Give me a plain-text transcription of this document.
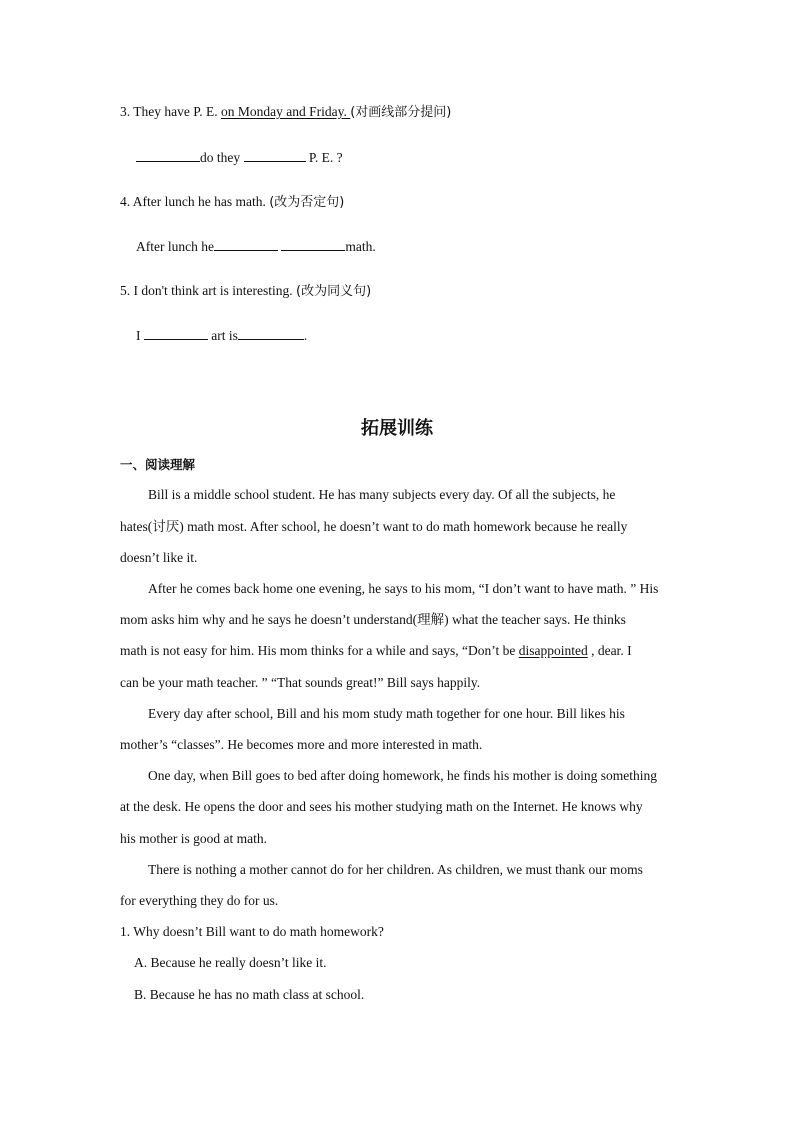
3. They have P. E. on Monday and Friday. (对画线部分提问)
do they	P. E. ?
4. After lunch he has math. (改为否定句)
After lunch he	math.
5. I don't think art is interesting. (改为同义句)
I	art is	.
拓展训练
一、阅读理解
Bill is a middle school student. He has many subjects every day. Of all the subjects, he
hates(讨厌) math most. After school, he doesn’t want to do math homework because he really
doesn’t like it.
After he comes back home one evening, he says to his mom, “I don’t want to have math. ” His
mom asks him why and he says he doesn’t understand(理解) what the teacher says. He thinks
math is not easy for him. His mom thinks for a while and says, “Don’t be disappointed , dear. I
can be your math teacher. ” “That sounds great!” Bill says happily.
Every day after school, Bill and his mom study math together for one hour. Bill likes his
mother’s “classes”. He becomes more and more interested in math.
One day, when Bill goes to bed after doing homework, he finds his mother is doing something
at the desk. He opens the door and sees his mother studying math on the Internet. He knows why
his mother is good at math.
There is nothing a mother cannot do for her children. As children, we must thank our moms
for everything they do for us.
1. Why doesn’t Bill want to do math homework?
A. Because he really doesn’t like it.
B. Because he has no math class at school.
